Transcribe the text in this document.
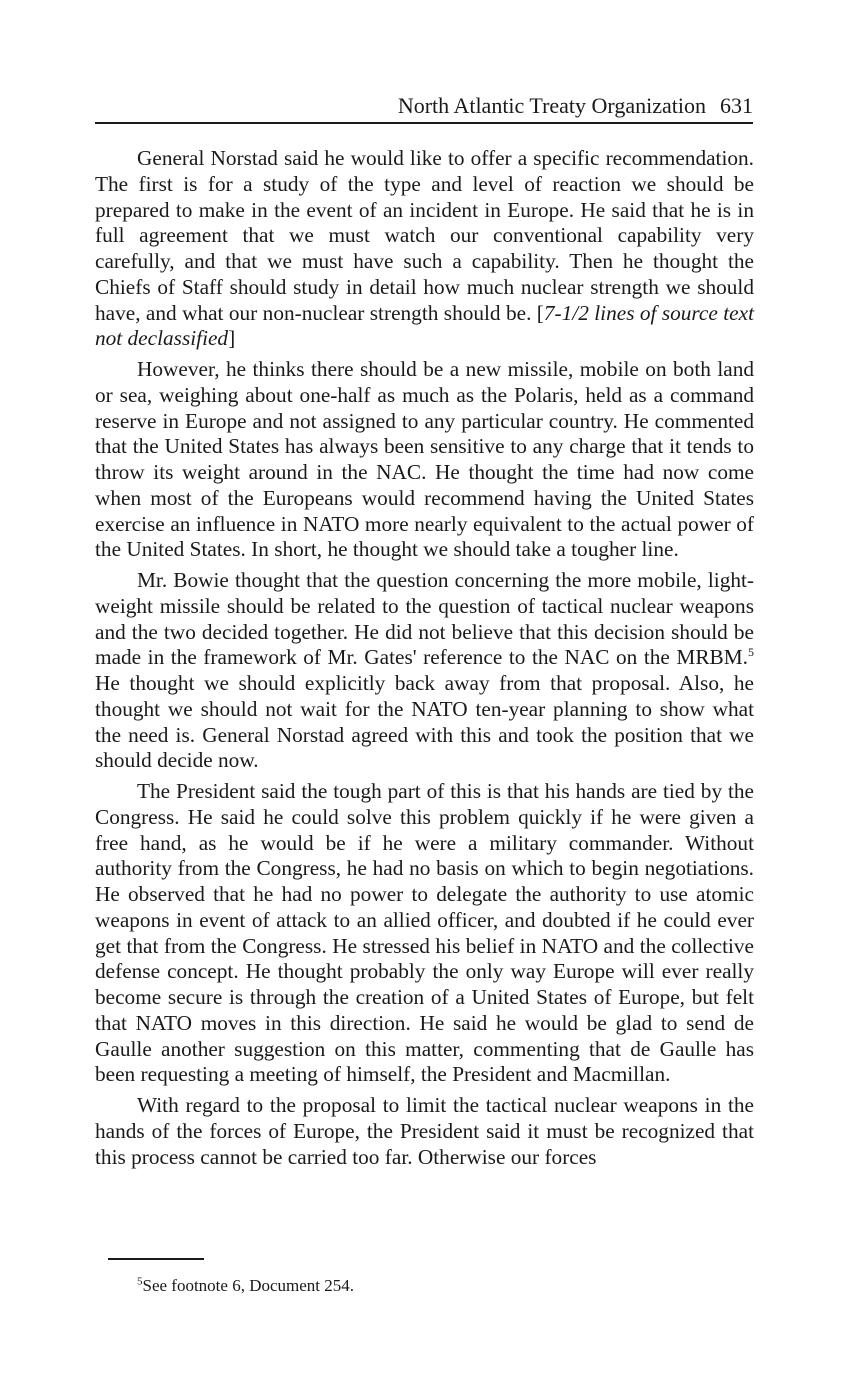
North Atlantic Treaty Organization 631

General Norstad said he would like to offer a specific recommendation. The first is for a study of the type and level of reaction we should be prepared to make in the event of an incident in Europe. He said that he is in full agreement that we must watch our conventional capability very carefully, and that we must have such a capability. Then he thought the Chiefs of Staff should study in detail how much nuclear strength we should have, and what our non-nuclear strength should be. [7-1/2 lines of source text not declassified]

However, he thinks there should be a new missile, mobile on both land or sea, weighing about one-half as much as the Polaris, held as a command reserve in Europe and not assigned to any particular country. He commented that the United States has always been sensitive to any charge that it tends to throw its weight around in the NAC. He thought the time had now come when most of the Europeans would recommend having the United States exercise an influence in NATO more nearly equivalent to the actual power of the United States. In short, he thought we should take a tougher line.

Mr. Bowie thought that the question concerning the more mobile, light-weight missile should be related to the question of tactical nuclear weapons and the two decided together. He did not believe that this decision should be made in the framework of Mr. Gates' reference to the NAC on the MRBM.$^5$ He thought we should explicitly back away from that proposal. Also, he thought we should not wait for the NATO ten-year planning to show what the need is. General Norstad agreed with this and took the position that we should decide now.

The President said the tough part of this is that his hands are tied by the Congress. He said he could solve this problem quickly if he were given a free hand, as he would be if he were a military commander. Without authority from the Congress, he had no basis on which to begin negotiations. He observed that he had no power to delegate the authority to use atomic weapons in event of attack to an allied officer, and doubted if he could ever get that from the Congress. He stressed his belief in NATO and the collective defense concept. He thought probably the only way Europe will ever really become secure is through the creation of a United States of Europe, but felt that NATO moves in this direction. He said he would be glad to send de Gaulle another suggestion on this matter, commenting that de Gaulle has been requesting a meeting of himself, the President and Macmillan.

With regard to the proposal to limit the tactical nuclear weapons in the hands of the forces of Europe, the President said it must be recognized that this process cannot be carried too far. Otherwise our forces

$^5$See footnote 6, Document 254.
